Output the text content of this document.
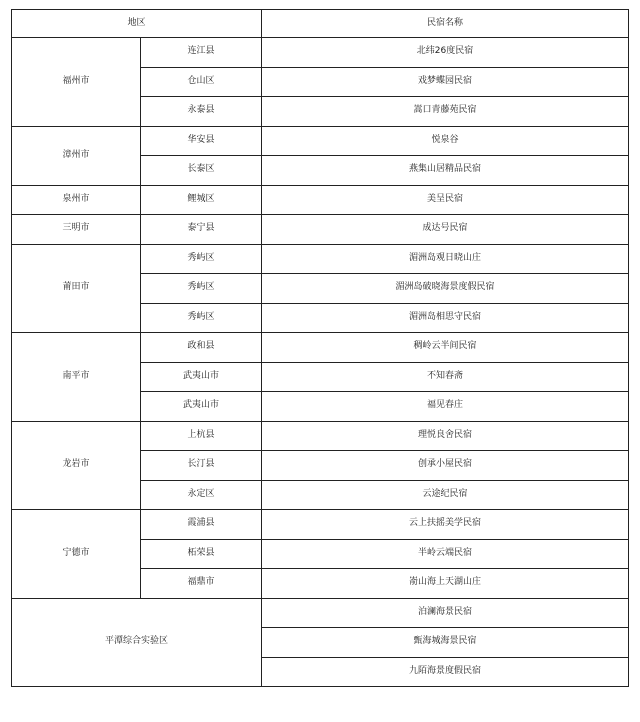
地区		民宿名称
福州市	连江县	北纬26度民宿
	仓山区	戏梦蝶园民宿
	永泰县	嵩口青藤苑民宿
漳州市	华安县	悦泉谷
	长泰区	燕集山居精品民宿
泉州市	鲤城区	美呈民宿
三明市	泰宁县	成达号民宿
莆田市	秀屿区	湄洲岛观日晓山庄
	秀屿区	湄洲岛破晓海景度假民宿
	秀屿区	湄洲岛相思守民宿
南平市	政和县	稠岭云半间民宿
	武夷山市	不知春斋
	武夷山市	福见春庄
龙岩市	上杭县	理悦良舍民宿
	长汀县	创承小屋民宿
	永定区	云途纪民宿
宁德市	霞浦县	云上扶摇美学民宿
	柘荣县	半岭云端民宿
	福鼎市	嵛山海上天湖山庄
平潭综合实验区		泊澜海景民宿
		甄海城海景民宿
		九陌海景度假民宿
